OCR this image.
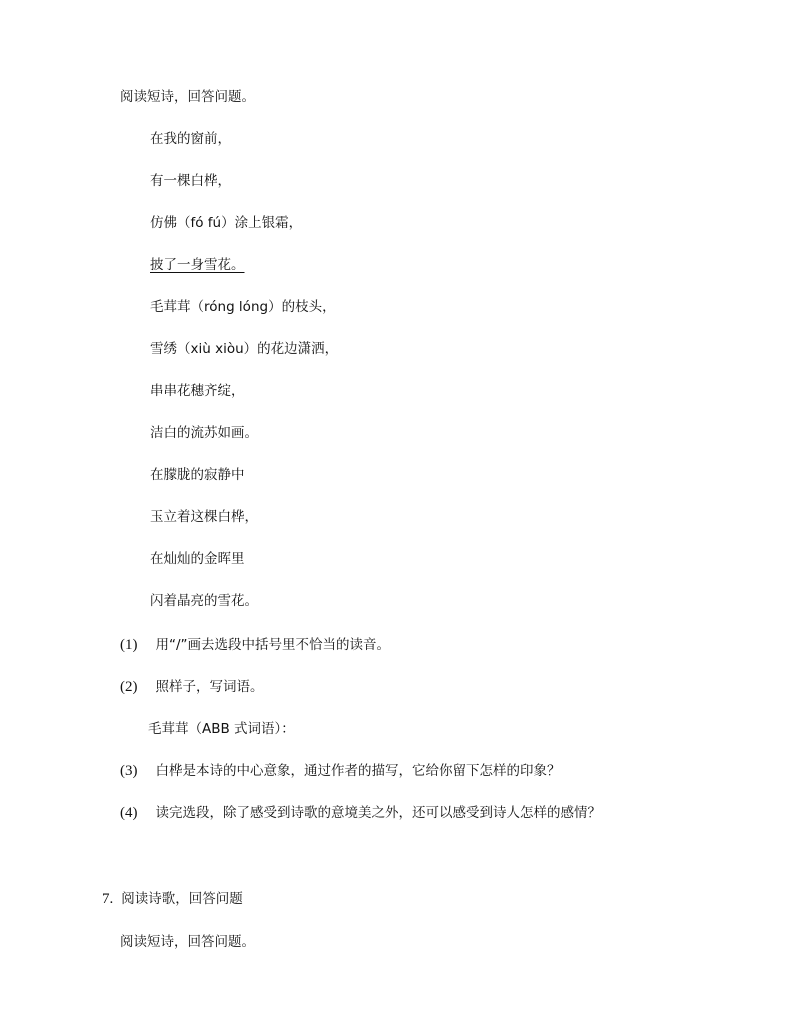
阅读短诗，回答问题。
在我的窗前，
有一棵白桦，
仿佛（fó fú）涂上银霜，
披了一身雪花。
毛茸茸（róng lóng）的枝头，
雪绣（xiù xiòu）的花边潇洒，
串串花穗齐绽，
洁白的流苏如画。
在朦胧的寂静中
玉立着这棵白桦，
在灿灿的金晖里
闪着晶亮的雪花。
(1) 用“/”画去选段中括号里不恰当的读音。
(2) 照样子，写词语。
毛茸茸（ABB 式词语）：
(3) 白桦是本诗的中心意象，通过作者的描写，它给你留下怎样的印象？
(4) 读完选段，除了感受到诗歌的意境美之外，还可以感受到诗人怎样的感情？
7. 阅读诗歌，回答问题
阅读短诗，回答问题。
